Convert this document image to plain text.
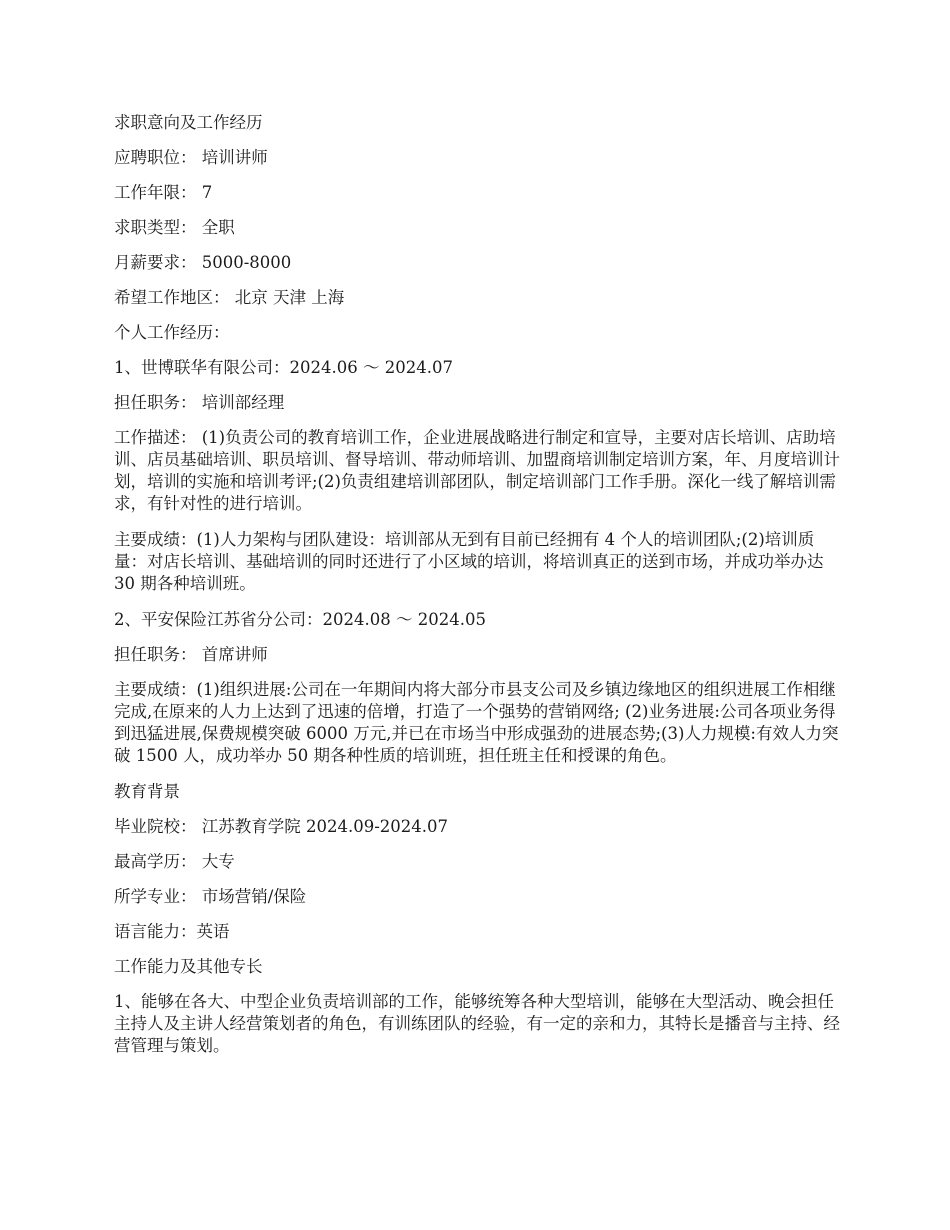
求职意向及工作经历

应聘职位： 培训讲师

工作年限： 7

求职类型： 全职

月薪要求： 5000-8000

希望工作地区： 北京 天津 上海

个人工作经历：

1、世博联华有限公司：2024.06 ～ 2024.07

担任职务： 培训部经理

工作描述： (1)负责公司的教育培训工作，企业进展战略进行制定和宣导，主要对店长培训、店助培训、店员基础培训、职员培训、督导培训、带动师培训、加盟商培训制定培训方案，年、月度培训计划，培训的实施和培训考评;(2)负责组建培训部团队，制定培训部门工作手册。深化一线了解培训需求，有针对性的进行培训。

主要成绩：(1)人力架构与团队建设：培训部从无到有目前已经拥有 4 个人的培训团队;(2)培训质量：对店长培训、基础培训的同时还进行了小区域的培训，将培训真正的送到市场，并成功举办达 30 期各种培训班。

2、平安保险江苏省分公司：2024.08 ～ 2024.05

担任职务： 首席讲师

主要成绩：(1)组织进展:公司在一年期间内将大部分市县支公司及乡镇边缘地区的组织进展工作相继完成,在原来的人力上达到了迅速的倍增，打造了一个强势的营销网络; (2)业务进展:公司各项业务得到迅猛进展,保费规模突破 6000 万元,并已在市场当中形成强劲的进展态势;(3)人力规模:有效人力突破 1500 人，成功举办 50 期各种性质的培训班，担任班主任和授课的角色。

教育背景

毕业院校： 江苏教育学院 2024.09-2024.07

最高学历： 大专

所学专业： 市场营销/保险

语言能力：英语

工作能力及其他专长

1、能够在各大、中型企业负责培训部的工作，能够统筹各种大型培训，能够在大型活动、晚会担任主持人及主讲人经营策划者的角色，有训练团队的经验，有一定的亲和力，其特长是播音与主持、经营管理与策划。
